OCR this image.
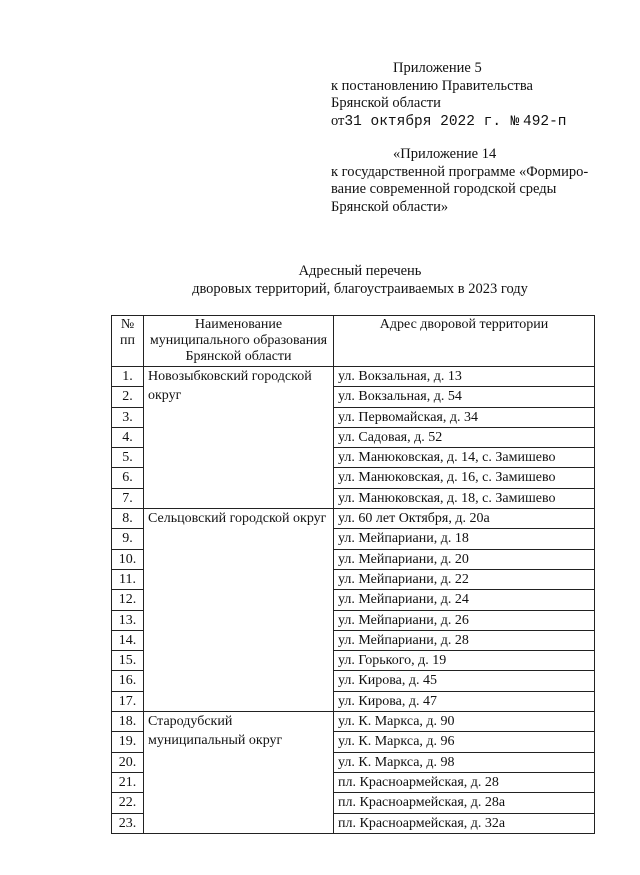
Приложение 5
к постановлению Правительства
Брянской области
от31 октября 2022 г. № 492-п
«Приложение 14
к государственной программе «Формиро-
вание современной городской среды
Брянской области»
Адресный перечень
дворовых территорий, благоустраиваемых в 2023 году
№ пп	Наименование муниципального образования Брянской области	Адрес дворовой территории
1.	Новозыбковский городской округ	ул. Вокзальная, д. 13
2.		ул. Вокзальная, д. 54
3.		ул. Первомайская, д. 34
4.		ул. Садовая, д. 52
5.		ул. Манюковская, д. 14, с. Замишево
6.		ул. Манюковская, д. 16, с. Замишево
7.		ул. Манюковская, д. 18, с. Замишево
8.	Сельцовский городской округ	ул. 60 лет Октября, д. 20а
9.		ул. Мейпариани, д. 18
10.		ул. Мейпариани, д. 20
11.		ул. Мейпариани, д. 22
12.		ул. Мейпариани, д. 24
13.		ул. Мейпариани, д. 26
14.		ул. Мейпариани, д. 28
15.		ул. Горького, д. 19
16.		ул. Кирова, д. 45
17.		ул. Кирова, д. 47
18.	Стародубский муниципальный округ	ул. К. Маркса, д. 90
19.		ул. К. Маркса, д. 96
20.		ул. К. Маркса, д. 98
21.		пл. Красноармейская, д. 28
22.		пл. Красноармейская, д. 28а
23.		пл. Красноармейская, д. 32а
